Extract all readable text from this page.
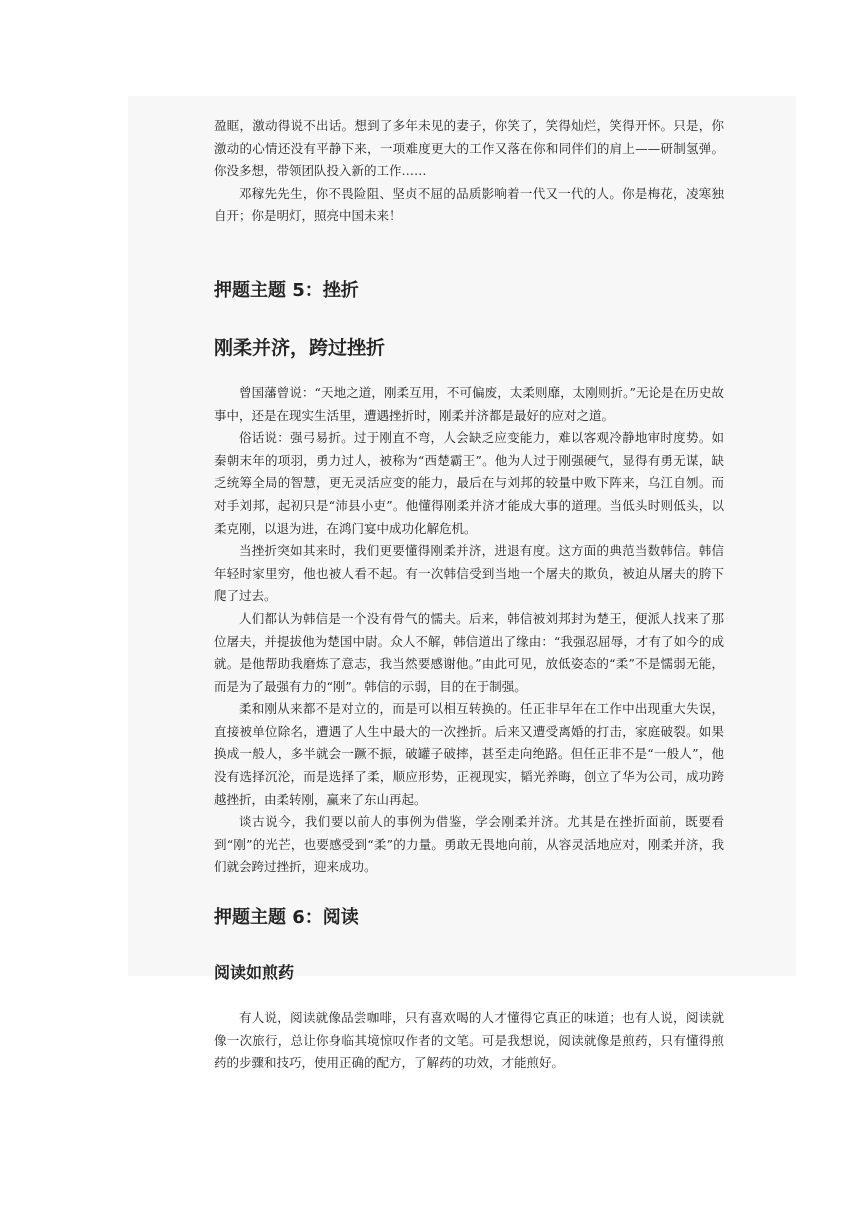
盈眶，激动得说不出话。想到了多年未见的妻子，你笑了，笑得灿烂，笑得开怀。只是，你激动的心情还没有平静下来，一项难度更大的工作又落在你和同伴们的肩上——研制氢弹。你没多想，带领团队投入新的工作……

邓稼先先生，你不畏险阻、坚贞不屈的品质影响着一代又一代的人。你是梅花，凌寒独自开；你是明灯，照亮中国未来！

押题主题 5：挫折
刚柔并济，跨过挫折

曾国藩曾说：“天地之道，刚柔互用，不可偏废，太柔则靡，太刚则折。”无论是在历史故事中，还是在现实生活里，遭遇挫折时，刚柔并济都是最好的应对之道。

俗话说：强弓易折。过于刚直不弯，人会缺乏应变能力，难以客观冷静地审时度势。如秦朝末年的项羽，勇力过人，被称为“西楚霸王”。他为人过于刚强硬气，显得有勇无谋，缺乏统筹全局的智慧，更无灵活应变的能力，最后在与刘邦的较量中败下阵来，乌江自刎。而对手刘邦，起初只是“沛县小吏”。他懂得刚柔并济才能成大事的道理。当低头时则低头，以柔克刚，以退为进，在鸿门宴中成功化解危机。

当挫折突如其来时，我们更要懂得刚柔并济，进退有度。这方面的典范当数韩信。韩信年轻时家里穷，他也被人看不起。有一次韩信受到当地一个屠夫的欺负，被迫从屠夫的胯下爬了过去。

人们都认为韩信是一个没有骨气的懦夫。后来，韩信被刘邦封为楚王，便派人找来了那位屠夫，并提拔他为楚国中尉。众人不解，韩信道出了缘由：“我强忍屈辱，才有了如今的成就。是他帮助我磨炼了意志，我当然要感谢他。”由此可见，放低姿态的“柔”不是懦弱无能，而是为了最强有力的“刚”。韩信的示弱，目的在于制强。

柔和刚从来都不是对立的，而是可以相互转换的。任正非早年在工作中出现重大失误，直接被单位除名，遭遇了人生中最大的一次挫折。后来又遭受离婚的打击，家庭破裂。如果换成一般人，多半就会一蹶不振，破罐子破摔，甚至走向绝路。但任正非不是“一般人”，他没有选择沉沦，而是选择了柔，顺应形势，正视现实，韬光养晦，创立了华为公司，成功跨越挫折，由柔转刚，赢来了东山再起。

谈古说今，我们要以前人的事例为借鉴，学会刚柔并济。尤其是在挫折面前，既要看到“刚”的光芒，也要感受到“柔”的力量。勇敢无畏地向前，从容灵活地应对，刚柔并济，我们就会跨过挫折，迎来成功。

押题主题 6：阅读
阅读如煎药

有人说，阅读就像品尝咖啡，只有喜欢喝的人才懂得它真正的味道；也有人说，阅读就像一次旅行，总让你身临其境惊叹作者的文笔。可是我想说，阅读就像是煎药，只有懂得煎药的步骤和技巧，使用正确的配方，了解药的功效，才能煎好。
